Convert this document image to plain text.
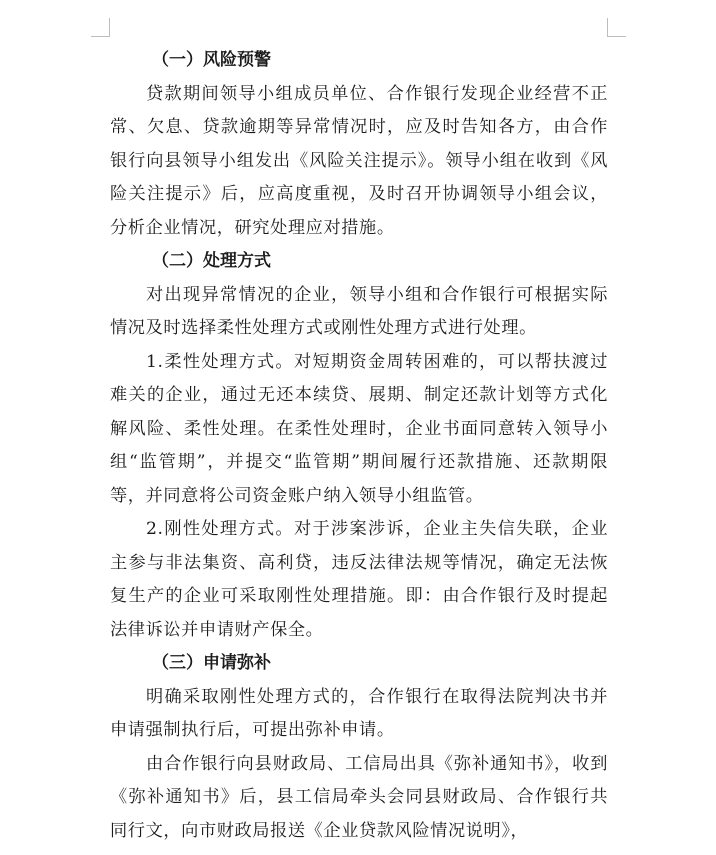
（一）风险预警

贷款期间领导小组成员单位、合作银行发现企业经营不正常、欠息、贷款逾期等异常情况时，应及时告知各方，由合作银行向县领导小组发出《风险关注提示》。领导小组在收到《风险关注提示》后，应高度重视，及时召开协调领导小组会议，分析企业情况，研究处理应对措施。

（二）处理方式

对出现异常情况的企业，领导小组和合作银行可根据实际情况及时选择柔性处理方式或刚性处理方式进行处理。

1.柔性处理方式。对短期资金周转困难的，可以帮扶渡过难关的企业，通过无还本续贷、展期、制定还款计划等方式化解风险、柔性处理。在柔性处理时，企业书面同意转入领导小组“监管期”，并提交“监管期”期间履行还款措施、还款期限等，并同意将公司资金账户纳入领导小组监管。

2.刚性处理方式。对于涉案涉诉，企业主失信失联，企业主参与非法集资、高利贷，违反法律法规等情况，确定无法恢复生产的企业可采取刚性处理措施。即：由合作银行及时提起法律诉讼并申请财产保全。

（三）申请弥补

明确采取刚性处理方式的，合作银行在取得法院判决书并申请强制执行后，可提出弥补申请。

由合作银行向县财政局、工信局出具《弥补通知书》，收到《弥补通知书》后，县工信局牵头会同县财政局、合作银行共同行文，向市财政局报送《企业贷款风险情况说明》，
